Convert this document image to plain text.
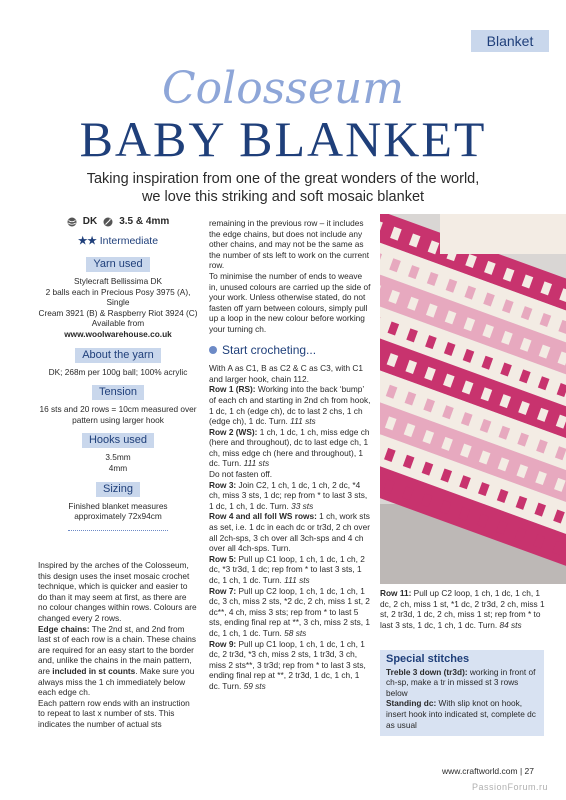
Blanket
Colosseum
BABY BLANKET
Taking inspiration from one of the great wonders of the world, we love this striking and soft mosaic blanket
DK 3.5 & 4mm
★★ Intermediate
Yarn used
Stylecraft Bellissima DK
2 balls each in Precious Posy 3975 (A), Single
Cream 3921 (B) & Raspberry Riot 3924 (C)
Available from
www.woolwarehouse.co.uk
About the yarn
DK; 268m per 100g ball; 100% acrylic
Tension
16 sts and 20 rows = 10cm measured over
pattern using larger hook
Hooks used
3.5mm
4mm
Sizing
Finished blanket measures
approximately 72x94cm

Inspired by the arches of the Colosseum, this design uses the inset mosaic crochet technique, which is quicker and easier to do than it may seem at first, as there are no colour changes within rows. Colours are changed every 2 rows.

Edge chains: The 2nd st, and 2nd from last st of each row is a chain. These chains are required for an easy start to the border and, unlike the chains in the main pattern, are included in st counts. Make sure you always miss the 1 ch immediately below each edge ch.

Each pattern row ends with an instruction to repeat to last x number of sts. This indicates the number of actual sts

remaining in the previous row – it includes the edge chains, but does not include any other chains, and may not be the same as the number of sts left to work on the current row.

To minimise the number of ends to weave in, unused colours are carried up the side of your work. Unless otherwise stated, do not fasten off yarn between colours, simply pull up a loop in the new colour before working your turning ch.

Start crocheting...

With A as C1, B as C2 & C as C3, with C1 and larger hook, chain 112.

Row 1 (RS): Working into the back ‘bump’ of each ch and starting in 2nd ch from hook, 1 dc, 1 ch (edge ch), dc to last 2 chs, 1 ch (edge ch), 1 dc. Turn. 111 sts

Row 2 (WS): 1 ch, 1 dc, 1 ch, miss edge ch (here and throughout), dc to last edge ch, 1 ch, miss edge ch (here and throughout), 1 dc. Turn. 111 sts

Do not fasten off.

Row 3: Join C2, 1 ch, 1 dc, 1 ch, 2 dc, *4 ch, miss 3 sts, 1 dc; rep from * to last 3 sts, 1 dc, 1 ch, 1 dc. Turn. 33 sts

Row 4 and all foll WS rows: 1 ch, work sts as set, i.e. 1 dc in each dc or tr3d, 2 ch over all 2ch-sps, 3 ch over all 3ch-sps and 4 ch over all 4ch-sps. Turn.

Row 5: Pull up C1 loop, 1 ch, 1 dc, 1 ch, 2 dc, *3 tr3d, 1 dc; rep from * to last 3 sts, 1 dc, 1 ch, 1 dc. Turn. 111 sts

Row 7: Pull up C2 loop, 1 ch, 1 dc, 1 ch, 1 dc, 3 ch, miss 2 sts, *2 dc, 2 ch, miss 1 st, 2 dc**, 4 ch, miss 3 sts; rep from * to last 5 sts, ending final rep at **, 3 ch, miss 2 sts, 1 dc, 1 ch, 1 dc. Turn. 58 sts

Row 9: Pull up C1 loop, 1 ch, 1 dc, 1 ch, 1 dc, 2 tr3d, *3 ch, miss 2 sts, 1 tr3d, 3 ch, miss 2 sts**, 3 tr3d; rep from * to last 3 sts, ending final rep at **, 2 tr3d, 1 dc, 1 ch, 1 dc. Turn. 59 sts

Row 11: Pull up C2 loop, 1 ch, 1 dc, 1 ch, 1 dc, 2 ch, miss 1 st, *1 dc, 2 tr3d, 2 ch, miss 1 st, 2 tr3d, 1 dc, 2 ch, miss 1 st; rep from * to last 3 sts, 1 dc, 1 ch, 1 dc. Turn. 84 sts
Special stitches
Treble 3 down (tr3d): working in front of ch-sp, make a tr in missed st 3 rows below
Standing dc: With slip knot on hook, insert hook into indicated st, complete dc as usual
www.craftworld.com | 27
PassionForum.ru
